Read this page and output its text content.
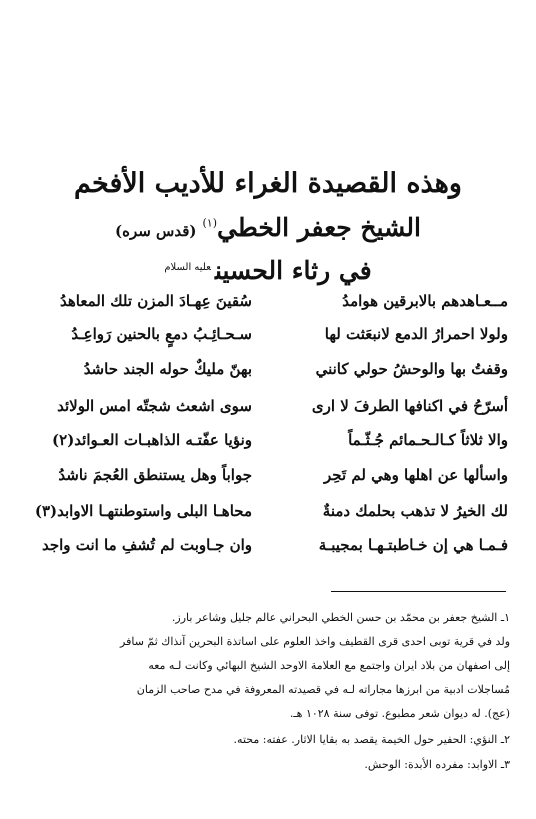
وهذه القصيدة الغراء للأديب الأفخم
الشيخ جعفر الخطي$^{(١)}$(قدس سره)
في رثاء الحسين$^{عليه السلام}$
مــعـاهدهم بالابرقين هوامدُ
سُقينَ عِهـادَ المزن تلك المعاهدُ
ولولا احمرارُ الدمع لانبعَثت لها
سـحـائِـبُ دمعٍ بالحنين رَواعِـدُ
وقفتُ بها والوحشُ حولي كانني
بهنّ مليكٌ حوله الجند حاشدُ
أسرّحُ في اكنافها الطرفَ لا ارى
سوى اشعث شجتّه امس الولائد
والا ثلاثاً كـالـحـمائم جُـثّـماً
ونؤيا عفّتـه الذاهبـات العـوائد(٢)
واسألها عن اهلها وهي لم تَحِر
جواباً وهل يستنطق العُجمَ ناشدُ
لك الخيرُ لا تذهب بحلمك دمنةٌ
محاهـا البلى واستوطنتهـا الاوابد(٣)
فـمـا هي إن خـاطبتـهـا بمجيبـة
وان جـاوبت لم تُشفِ ما انت واجد
١ـ الشيخ جعفر بن محمّد بن حسن الخطي البحراني عالم جليل وشاعر بارز.
ولد في قرية توبى احدى قرى القطيف واخذ العلوم على اساتذة البحرين آنذاك ثمّ سافر
إلى اصفهان من بلاد ايران واجتمع مع العلامة الاوحد الشيخ البهائي وكانت لـه معه
مُساجلات ادبية من ابرزها مجاراته لـه في قصيدته المعروفة في مدح صاحب الزمان
(عج). له ديوان شعر مطبوع. توفى سنة ١٠٢٨ هـ.
٢ـ النؤي: الحفير حول الخيمة يقصد به بقايا الاثار. عفته: محته.
٣ـ الاوابد: مفرده الأبدة: الوحش.
